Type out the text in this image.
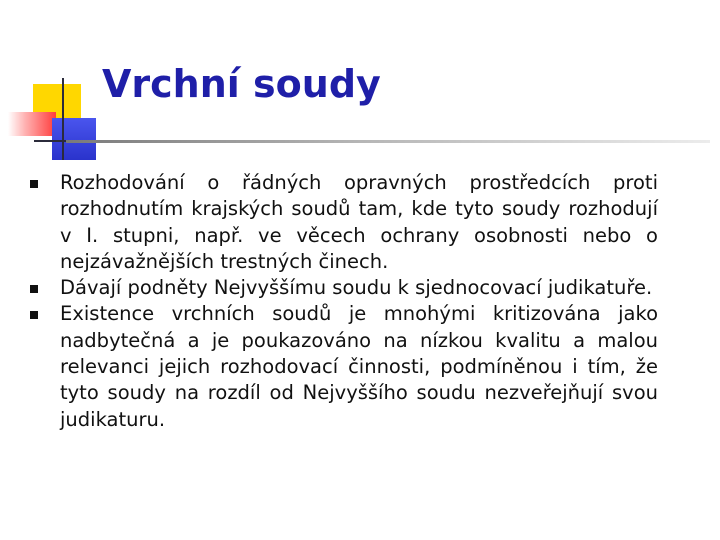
Vrchní soudy
Rozhodování o řádných opravných prostředcích proti rozhodnutím krajských soudů tam, kde tyto soudy rozhodují v I. stupni, např. ve věcech ochrany osobnosti nebo o nejzávažnějších trestných činech.
Dávají podněty Nejvyššímu soudu k sjednocovací judikatuře.
Existence vrchních soudů je mnohými kritizována jako nadbytečná a je poukazováno na nízkou kvalitu a malou relevanci jejich rozhodovací činnosti, podmíněnou i tím, že tyto soudy na rozdíl od Nejvyššího soudu nezveřejňují svou judikaturu.
